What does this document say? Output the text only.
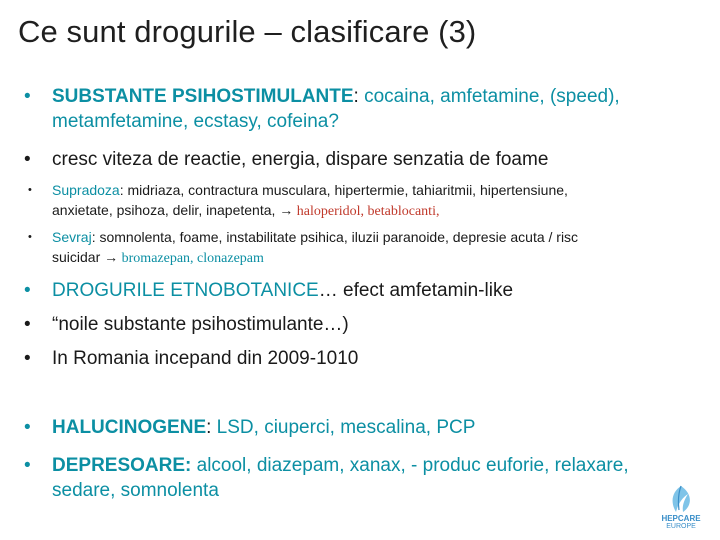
Ce sunt drogurile – clasificare (3)
• SUBSTANTE PSIHOSTIMULANTE: cocaina, amfetamine, (speed),
metamfetamine, ecstasy, cofeina?
• cresc viteza de reactie, energia, dispare senzatia de foame
• Supradoza: midriaza, contractura musculara, hipertermie, tahiaritmii, hipertensiune,
anxietate, psihoza, delir, inapetenta, → haloperidol, betablocanti,
• Sevraj: somnolenta, foame, instabilitate psihica, iluzii paranoide, depresie acuta / risc
suicidar → bromazepan, clonazepam
• DROGURILE ETNOBOTANICE… efect amfetamin-like
• “noile substante psihostimulante…)
• In Romania incepand din 2009-1010
• HALUCINOGENE: LSD, ciuperci, mescalina, PCP
• DEPRESOARE: alcool, diazepam, xanax, - produc euforie, relaxare,
sedare, somnolenta
HEPCARE
EUROPE
